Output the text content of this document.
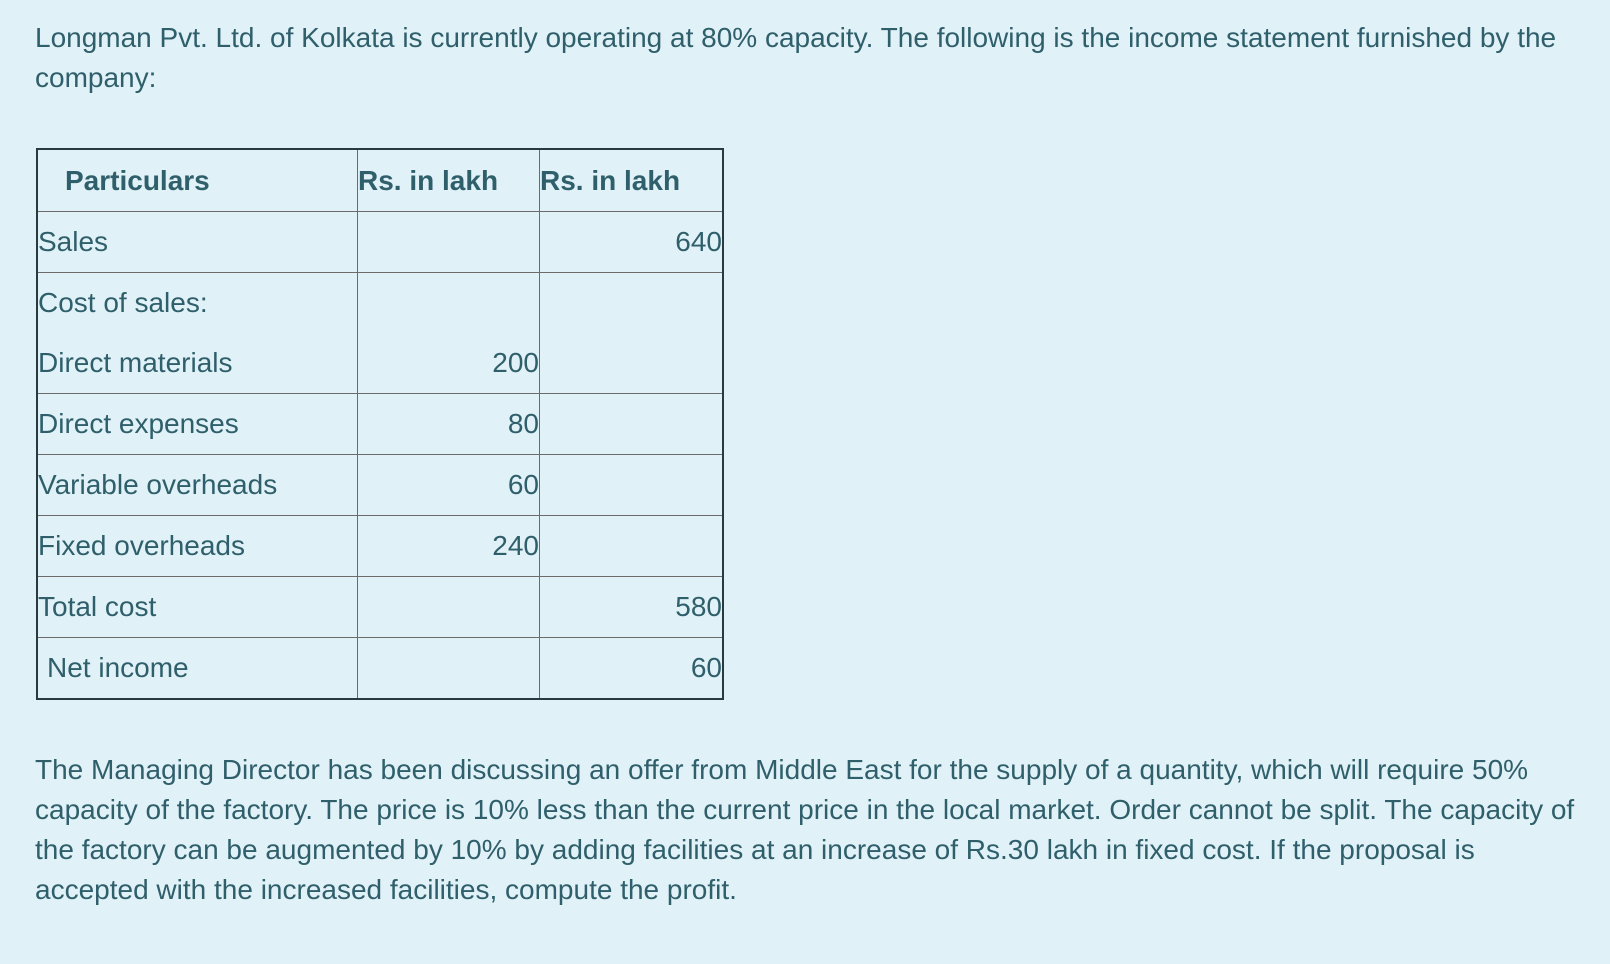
Longman Pvt. Ltd. of Kolkata is currently operating at 80% capacity. The following is the income statement furnished by the company:

Particulars	Rs. in lakh	Rs. in lakh
Sales		640

Cost of sales:
Direct materials	200	

Direct expenses	80	
Variable overheads	60	
Fixed overheads	240	
Total cost		580
Net income		60

The Managing Director has been discussing an offer from Middle East for the supply of a quantity, which will require 50% capacity of the factory. The price is 10% less than the current price in the local market. Order cannot be split. The capacity of the factory can be augmented by 10% by adding facilities at an increase of Rs.30 lakh in fixed cost. If the proposal is accepted with the increased facilities, compute the profit.
